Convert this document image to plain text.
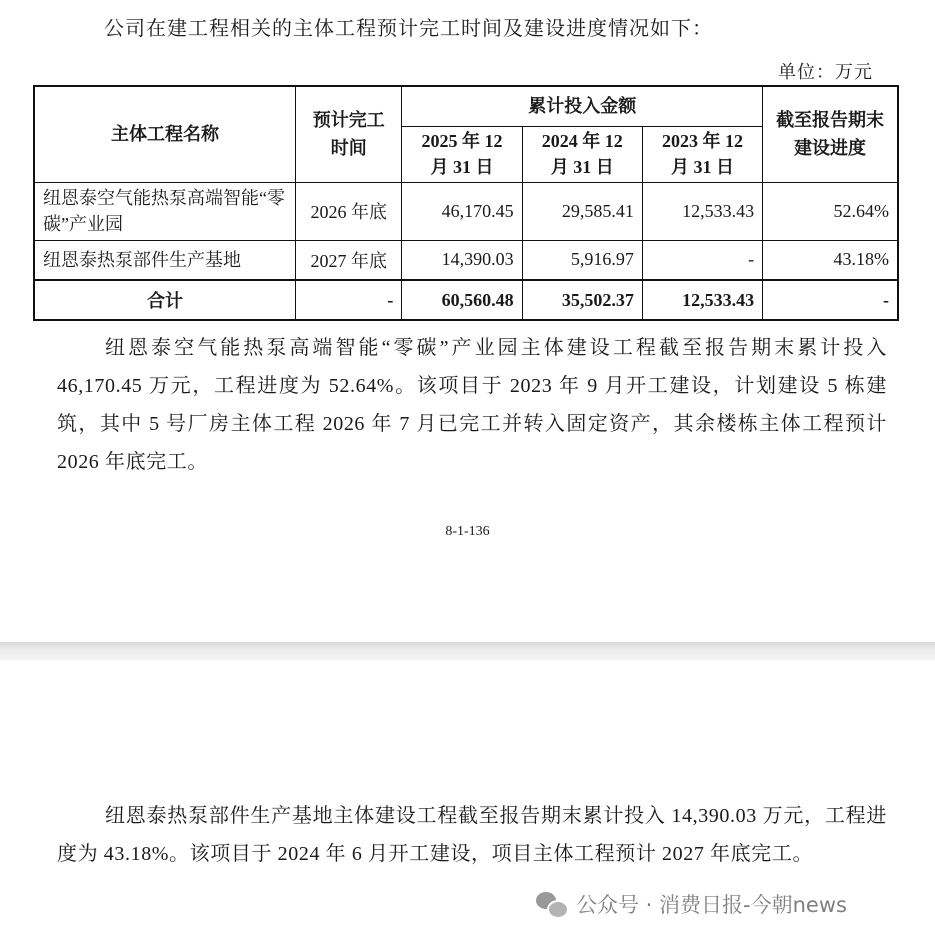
公司在建工程相关的主体工程预计完工时间及建设进度情况如下：
单位：万元
主体工程名称	预计完工时间	累计投入金额			截至报告期末建设进度
		2025 年 12 月 31 日	2024 年 12 月 31 日	2023 年 12 月 31 日	
纽恩泰空气能热泵高端智能“零碳”产业园	2026 年底	46,170.45	29,585.41	12,533.43	52.64%
纽恩泰热泵部件生产基地	2027 年底	14,390.03	5,916.97	-	43.18%
合计	-	60,560.48	35,502.37	12,533.43	-
纽恩泰空气能热泵高端智能“零碳”产业园主体建设工程截至报告期末累计投入 46,170.45 万元，工程进度为 52.64%。该项目于 2023 年 9 月开工建设，计划建设 5 栋建筑，其中 5 号厂房主体工程 2026 年 7 月已完工并转入固定资产，其余楼栋主体工程预计 2026 年底完工。
8-1-136
纽恩泰热泵部件生产基地主体建设工程截至报告期末累计投入 14,390.03 万元，工程进度为 43.18%。该项目于 2024 年 6 月开工建设，项目主体工程预计 2027 年底完工。
公众号 · 消费日报-今朝news
